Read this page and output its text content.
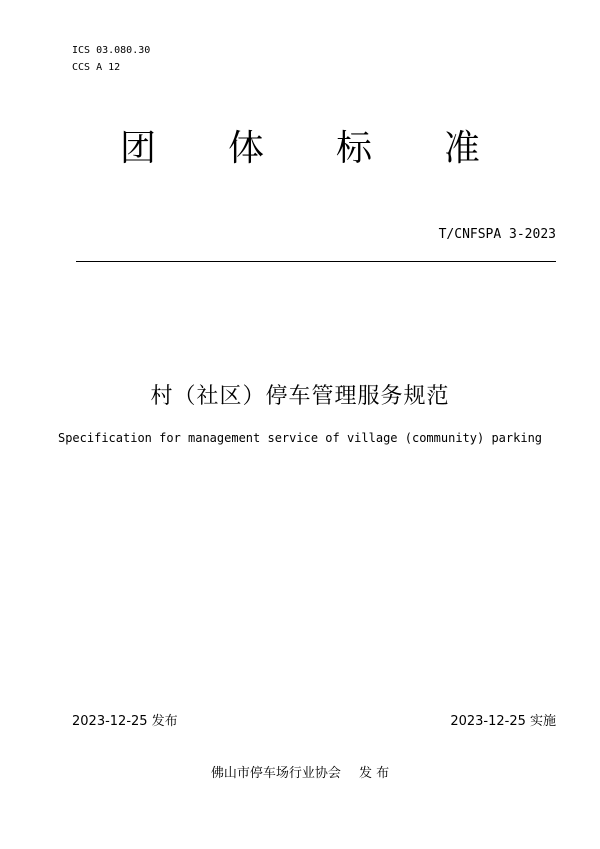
ICS 03.080.30
CCS A 12
团 体 标 准
T/CNFSPA 3-2023
村（社区）停车管理服务规范
Specification for management service of village (community) parking
2023-12-25 发布	2023-12-25 实施
佛山市停车场行业协会 发 布
